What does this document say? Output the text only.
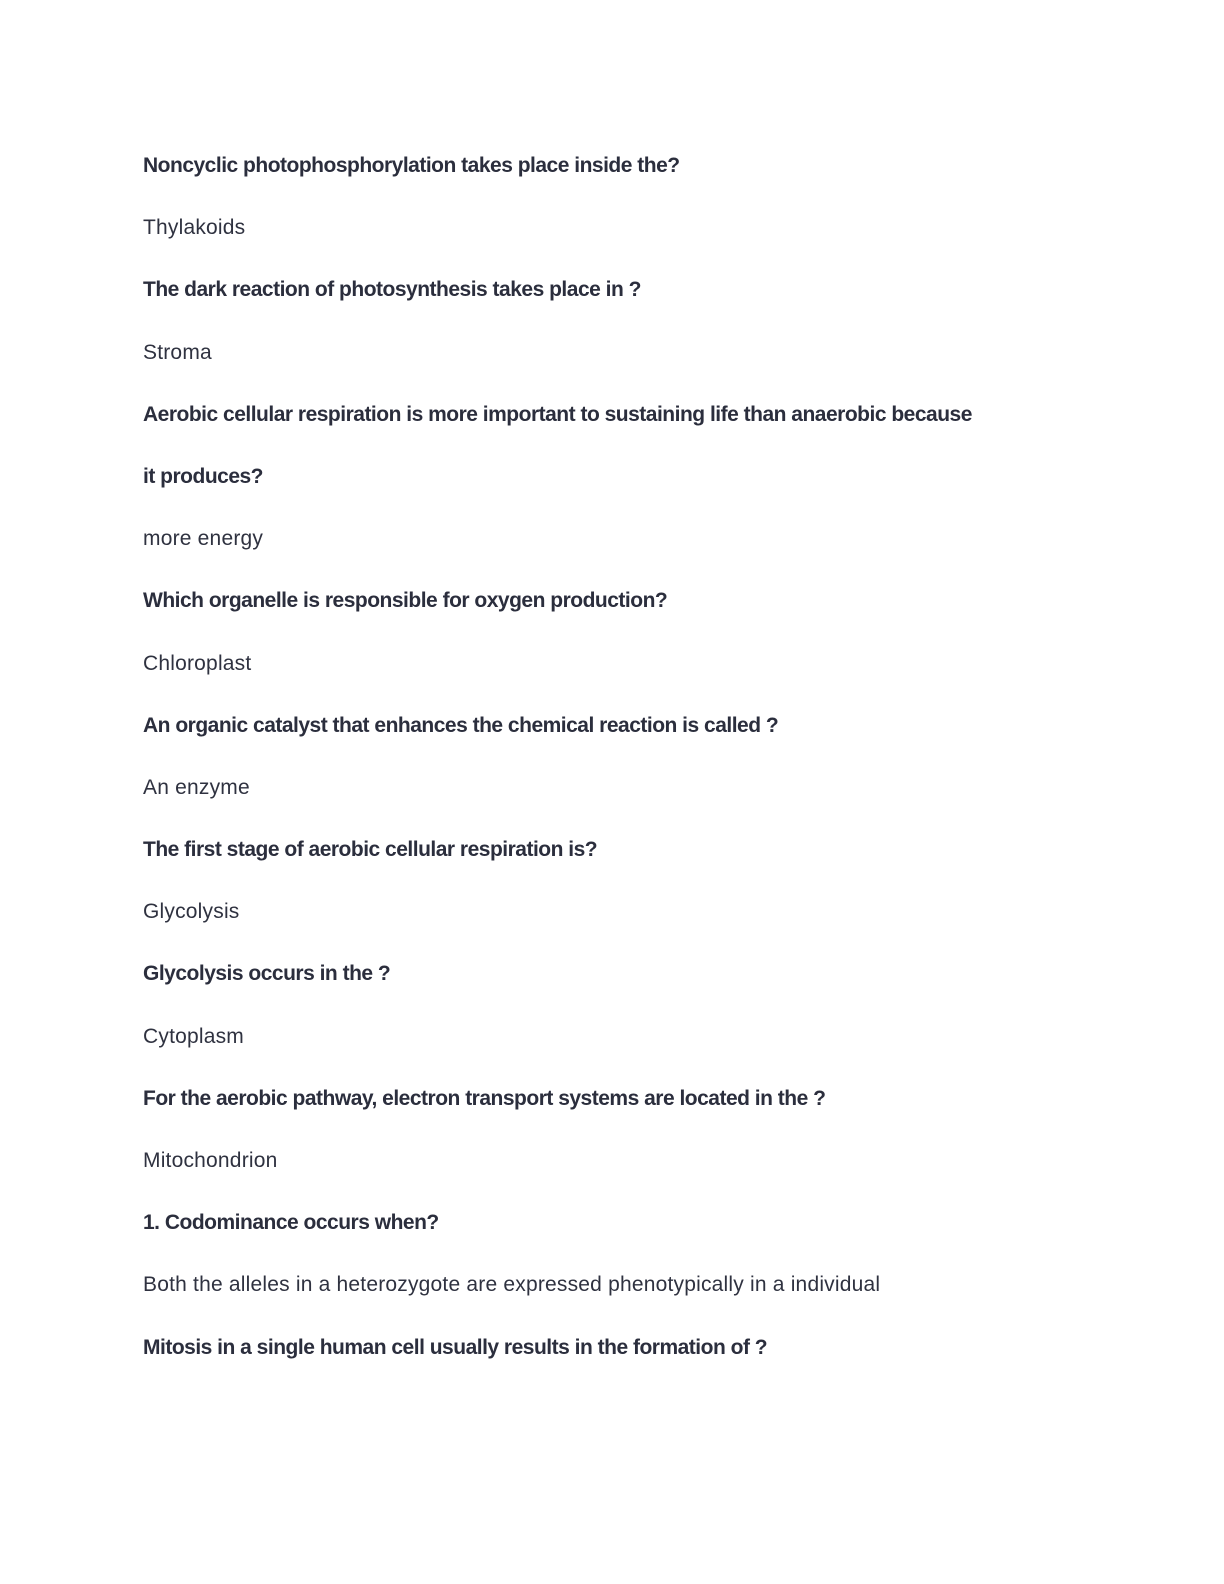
Noncyclic photophosphorylation takes place inside the?
Thylakoids
The dark reaction of photosynthesis takes place in ?
Stroma
Aerobic cellular respiration is more important to sustaining life than anaerobic because
it produces?
more energy
Which organelle is responsible for oxygen production?
Chloroplast
An organic catalyst that enhances the chemical reaction is called ?
An enzyme
The first stage of aerobic cellular respiration is?
Glycolysis
Glycolysis occurs in the ?
Cytoplasm
For the aerobic pathway, electron transport systems are located in the ?
Mitochondrion
1. Codominance occurs when?
Both the alleles in a heterozygote are expressed phenotypically in a individual
Mitosis in a single human cell usually results in the formation of ?
